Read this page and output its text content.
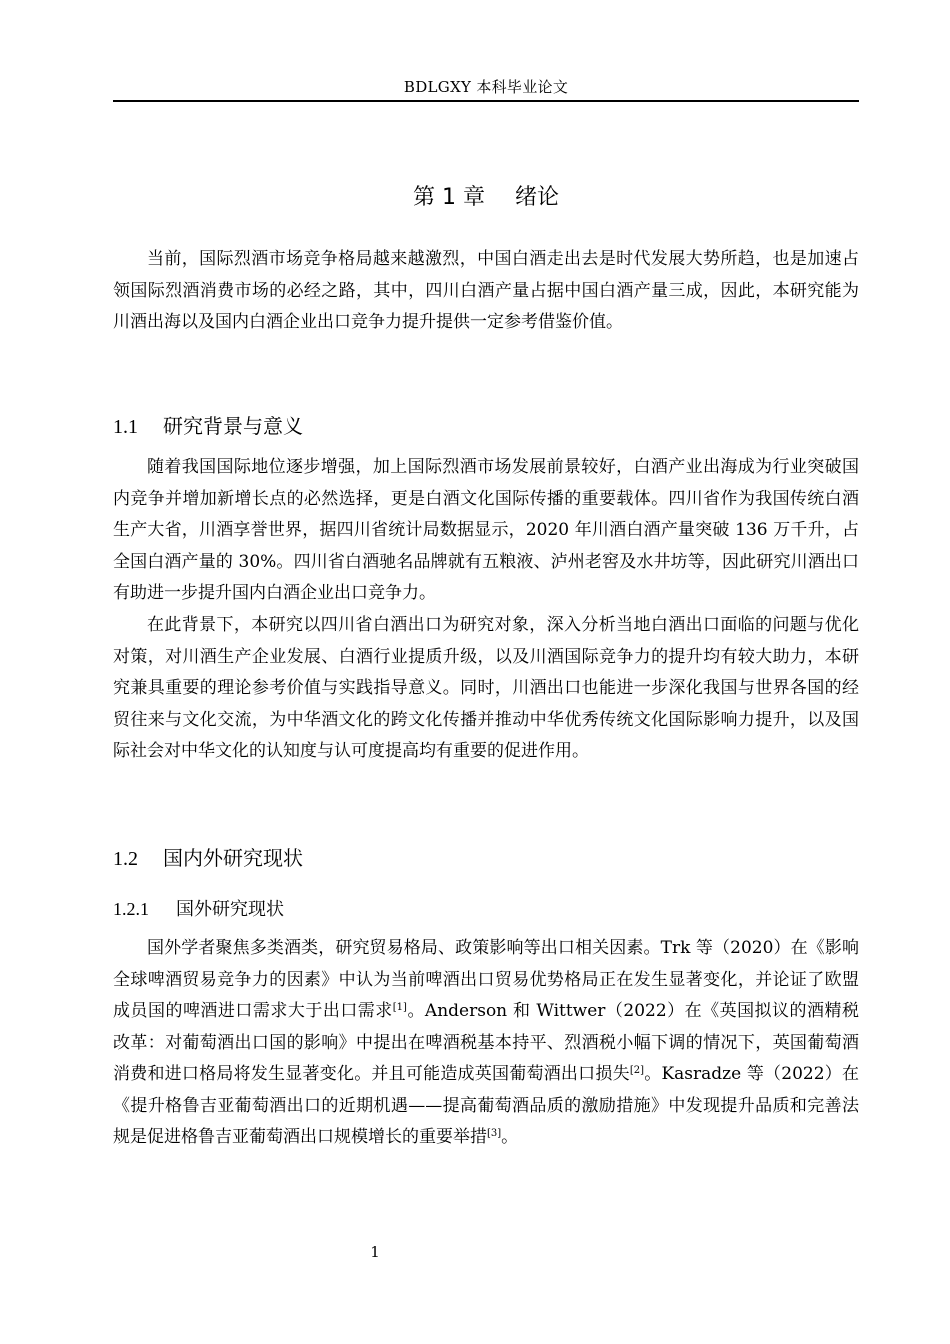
BDLGXY 本科毕业论文
第 1 章 绪论

当前，国际烈酒市场竞争格局越来越激烈，中国白酒走出去是时代发展大势所趋，也是加速占领国际烈酒消费市场的必经之路，其中，四川白酒产量占据中国白酒产量三成，因此，本研究能为川酒出海以及国内白酒企业出口竞争力提升提供一定参考借鉴价值。

1.1 研究背景与意义

随着我国国际地位逐步增强，加上国际烈酒市场发展前景较好，白酒产业出海成为行业突破国内竞争并增加新增长点的必然选择，更是白酒文化国际传播的重要载体。四川省作为我国传统白酒生产大省，川酒享誉世界，据四川省统计局数据显示，2020 年川酒白酒产量突破 136 万千升，占全国白酒产量的 30%。四川省白酒驰名品牌就有五粮液、泸州老窖及水井坊等，因此研究川酒出口有助进一步提升国内白酒企业出口竞争力。

在此背景下，本研究以四川省白酒出口为研究对象，深入分析当地白酒出口面临的问题与优化对策，对川酒生产企业发展、白酒行业提质升级，以及川酒国际竞争力的提升均有较大助力，本研究兼具重要的理论参考价值与实践指导意义。同时，川酒出口也能进一步深化我国与世界各国的经贸往来与文化交流，为中华酒文化的跨文化传播并推动中华优秀传统文化国际影响力提升，以及国际社会对中华文化的认知度与认可度提高均有重要的促进作用。

1.2 国内外研究现状
1.2.1 国外研究现状

国外学者聚焦多类酒类，研究贸易格局、政策影响等出口相关因素。Trk 等（2020）在《影响全球啤酒贸易竞争力的因素》中认为当前啤酒出口贸易优势格局正在发生显著变化，并论证了欧盟成员国的啤酒进口需求大于出口需求[1]。Anderson 和 Wittwer（2022）在《英国拟议的酒精税改革：对葡萄酒出口国的影响》中提出在啤酒税基本持平、烈酒税小幅下调的情况下，英国葡萄酒消费和进口格局将发生显著变化。并且可能造成英国葡萄酒出口损失[2]。Kasradze 等（2022）在《提升格鲁吉亚葡萄酒出口的近期机遇——提高葡萄酒品质的激励措施》中发现提升品质和完善法规是促进格鲁吉亚葡萄酒出口规模增长的重要举措[3]。

1
